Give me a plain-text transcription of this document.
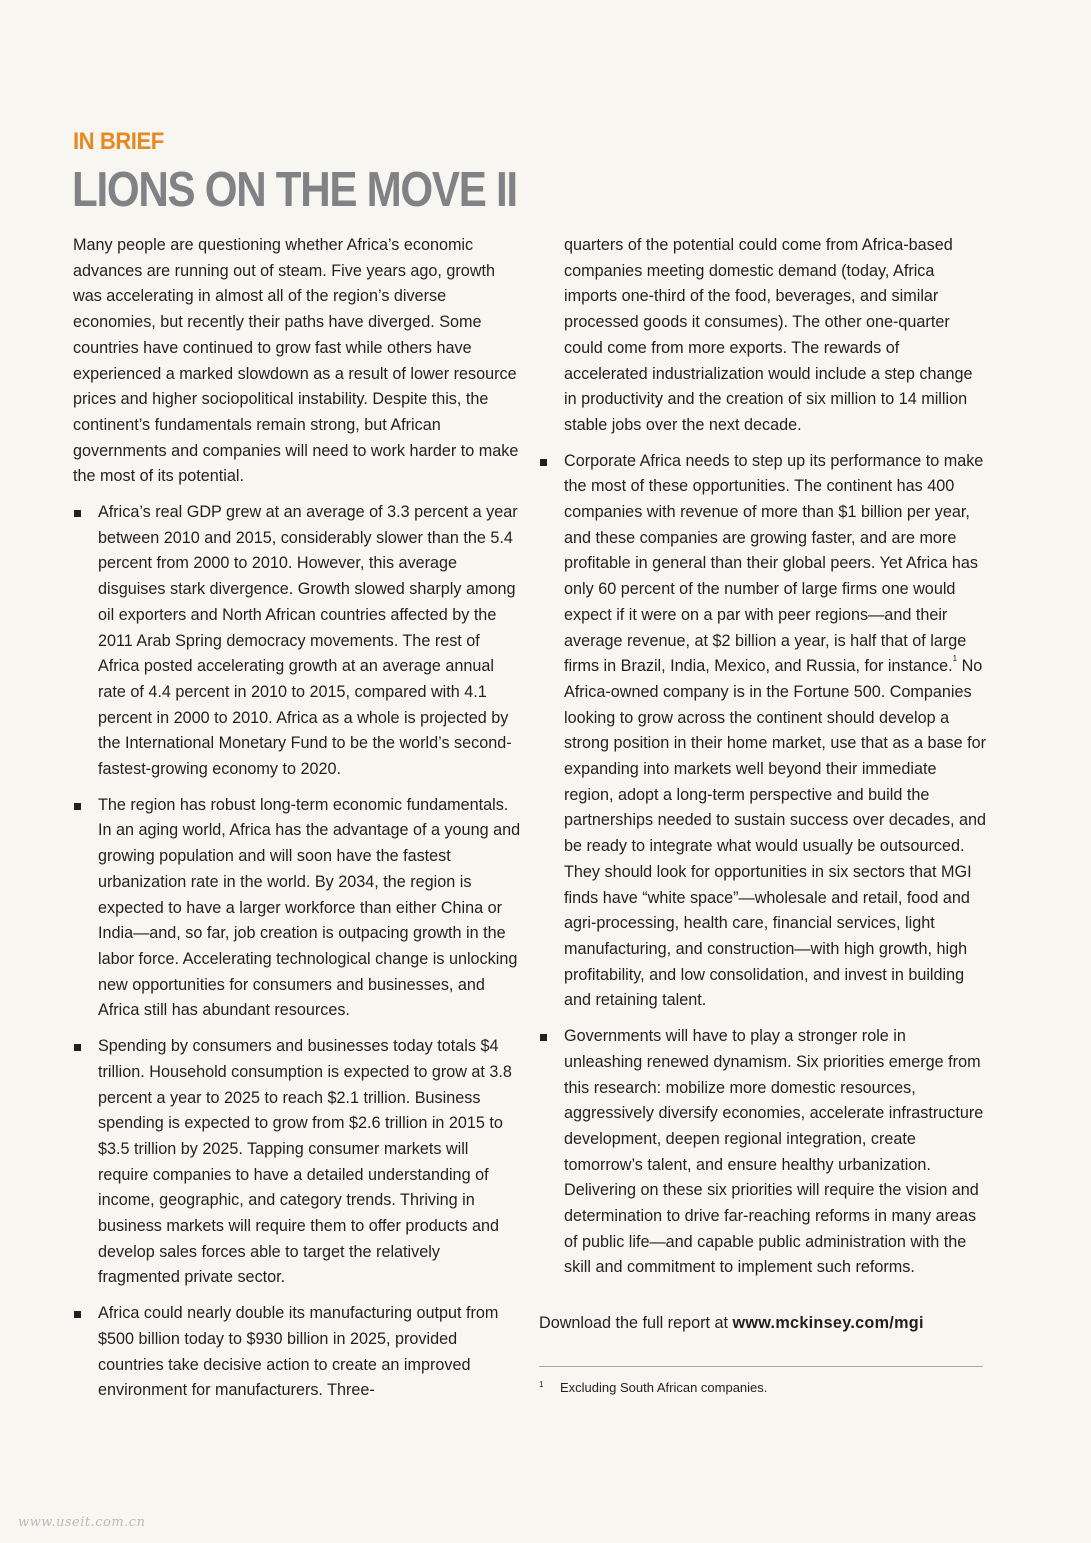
IN BRIEF
LIONS ON THE MOVE II

Many people are questioning whether Africa’s economic advances are running out of steam. Five years ago, growth was accelerating in almost all of the region’s diverse economies, but recently their paths have diverged. Some countries have continued to grow fast while others have experienced a marked slowdown as a result of lower resource prices and higher sociopolitical instability. Despite this, the continent’s fundamentals remain strong, but African governments and companies will need to work harder to make the most of its potential.

Africa’s real GDP grew at an average of 3.3 percent a year between 2010 and 2015, considerably slower than the 5.4 percent from 2000 to 2010. However, this average disguises stark divergence. Growth slowed sharply among oil exporters and North African countries affected by the 2011 Arab Spring democracy movements. The rest of Africa posted accelerating growth at an average annual rate of 4.4 percent in 2010 to 2015, compared with 4.1 percent in 2000 to 2010. Africa as a whole is projected by the International Monetary Fund to be the world’s second-fastest-growing economy to 2020.
The region has robust long-term economic fundamentals. In an aging world, Africa has the advantage of a young and growing population and will soon have the fastest urbanization rate in the world. By 2034, the region is expected to have a larger workforce than either China or India—and, so far, job creation is outpacing growth in the labor force. Accelerating technological change is unlocking new opportunities for consumers and businesses, and Africa still has abundant resources.
Spending by consumers and businesses today totals $4 trillion. Household consumption is expected to grow at 3.8 percent a year to 2025 to reach $2.1 trillion. Business spending is expected to grow from $2.6 trillion in 2015 to $3.5 trillion by 2025. Tapping consumer markets will require companies to have a detailed understanding of income, geographic, and category trends. Thriving in business markets will require them to offer products and develop sales forces able to target the relatively fragmented private sector.
Africa could nearly double its manufacturing output from $500 billion today to $930 billion in 2025, provided countries take decisive action to create an improved environment for manufacturers. Three-

quarters of the potential could come from Africa-based companies meeting domestic demand (today, Africa imports one-third of the food, beverages, and similar processed goods it consumes). The other one-quarter could come from more exports. The rewards of accelerated industrialization would include a step change in productivity and the creation of six million to 14 million stable jobs over the next decade.

Corporate Africa needs to step up its performance to make the most of these opportunities. The continent has 400 companies with revenue of more than $1 billion per year, and these companies are growing faster, and are more profitable in general than their global peers. Yet Africa has only 60 percent of the number of large firms one would expect if it were on a par with peer regions—and their average revenue, at $2 billion a year, is half that of large firms in Brazil, India, Mexico, and Russia, for instance.$^1$ No Africa-owned company is in the Fortune 500. Companies looking to grow across the continent should develop a strong position in their home market, use that as a base for expanding into markets well beyond their immediate region, adopt a long-term perspective and build the partnerships needed to sustain success over decades, and be ready to integrate what would usually be outsourced. They should look for opportunities in six sectors that MGI finds have “white space”—wholesale and retail, food and agri-processing, health care, financial services, light manufacturing, and construction—with high growth, high profitability, and low consolidation, and invest in building and retaining talent.
Governments will have to play a stronger role in unleashing renewed dynamism. Six priorities emerge from this research: mobilize more domestic resources, aggressively diversify economies, accelerate infrastructure development, deepen regional integration, create tomorrow’s talent, and ensure healthy urbanization. Delivering on these six priorities will require the vision and determination to drive far-reaching reforms in many areas of public life—and capable public administration with the skill and commitment to implement such reforms.

Download the full report at www.mckinsey.com/mgi

1 Excluding South African companies.
www.useit.com.cn
